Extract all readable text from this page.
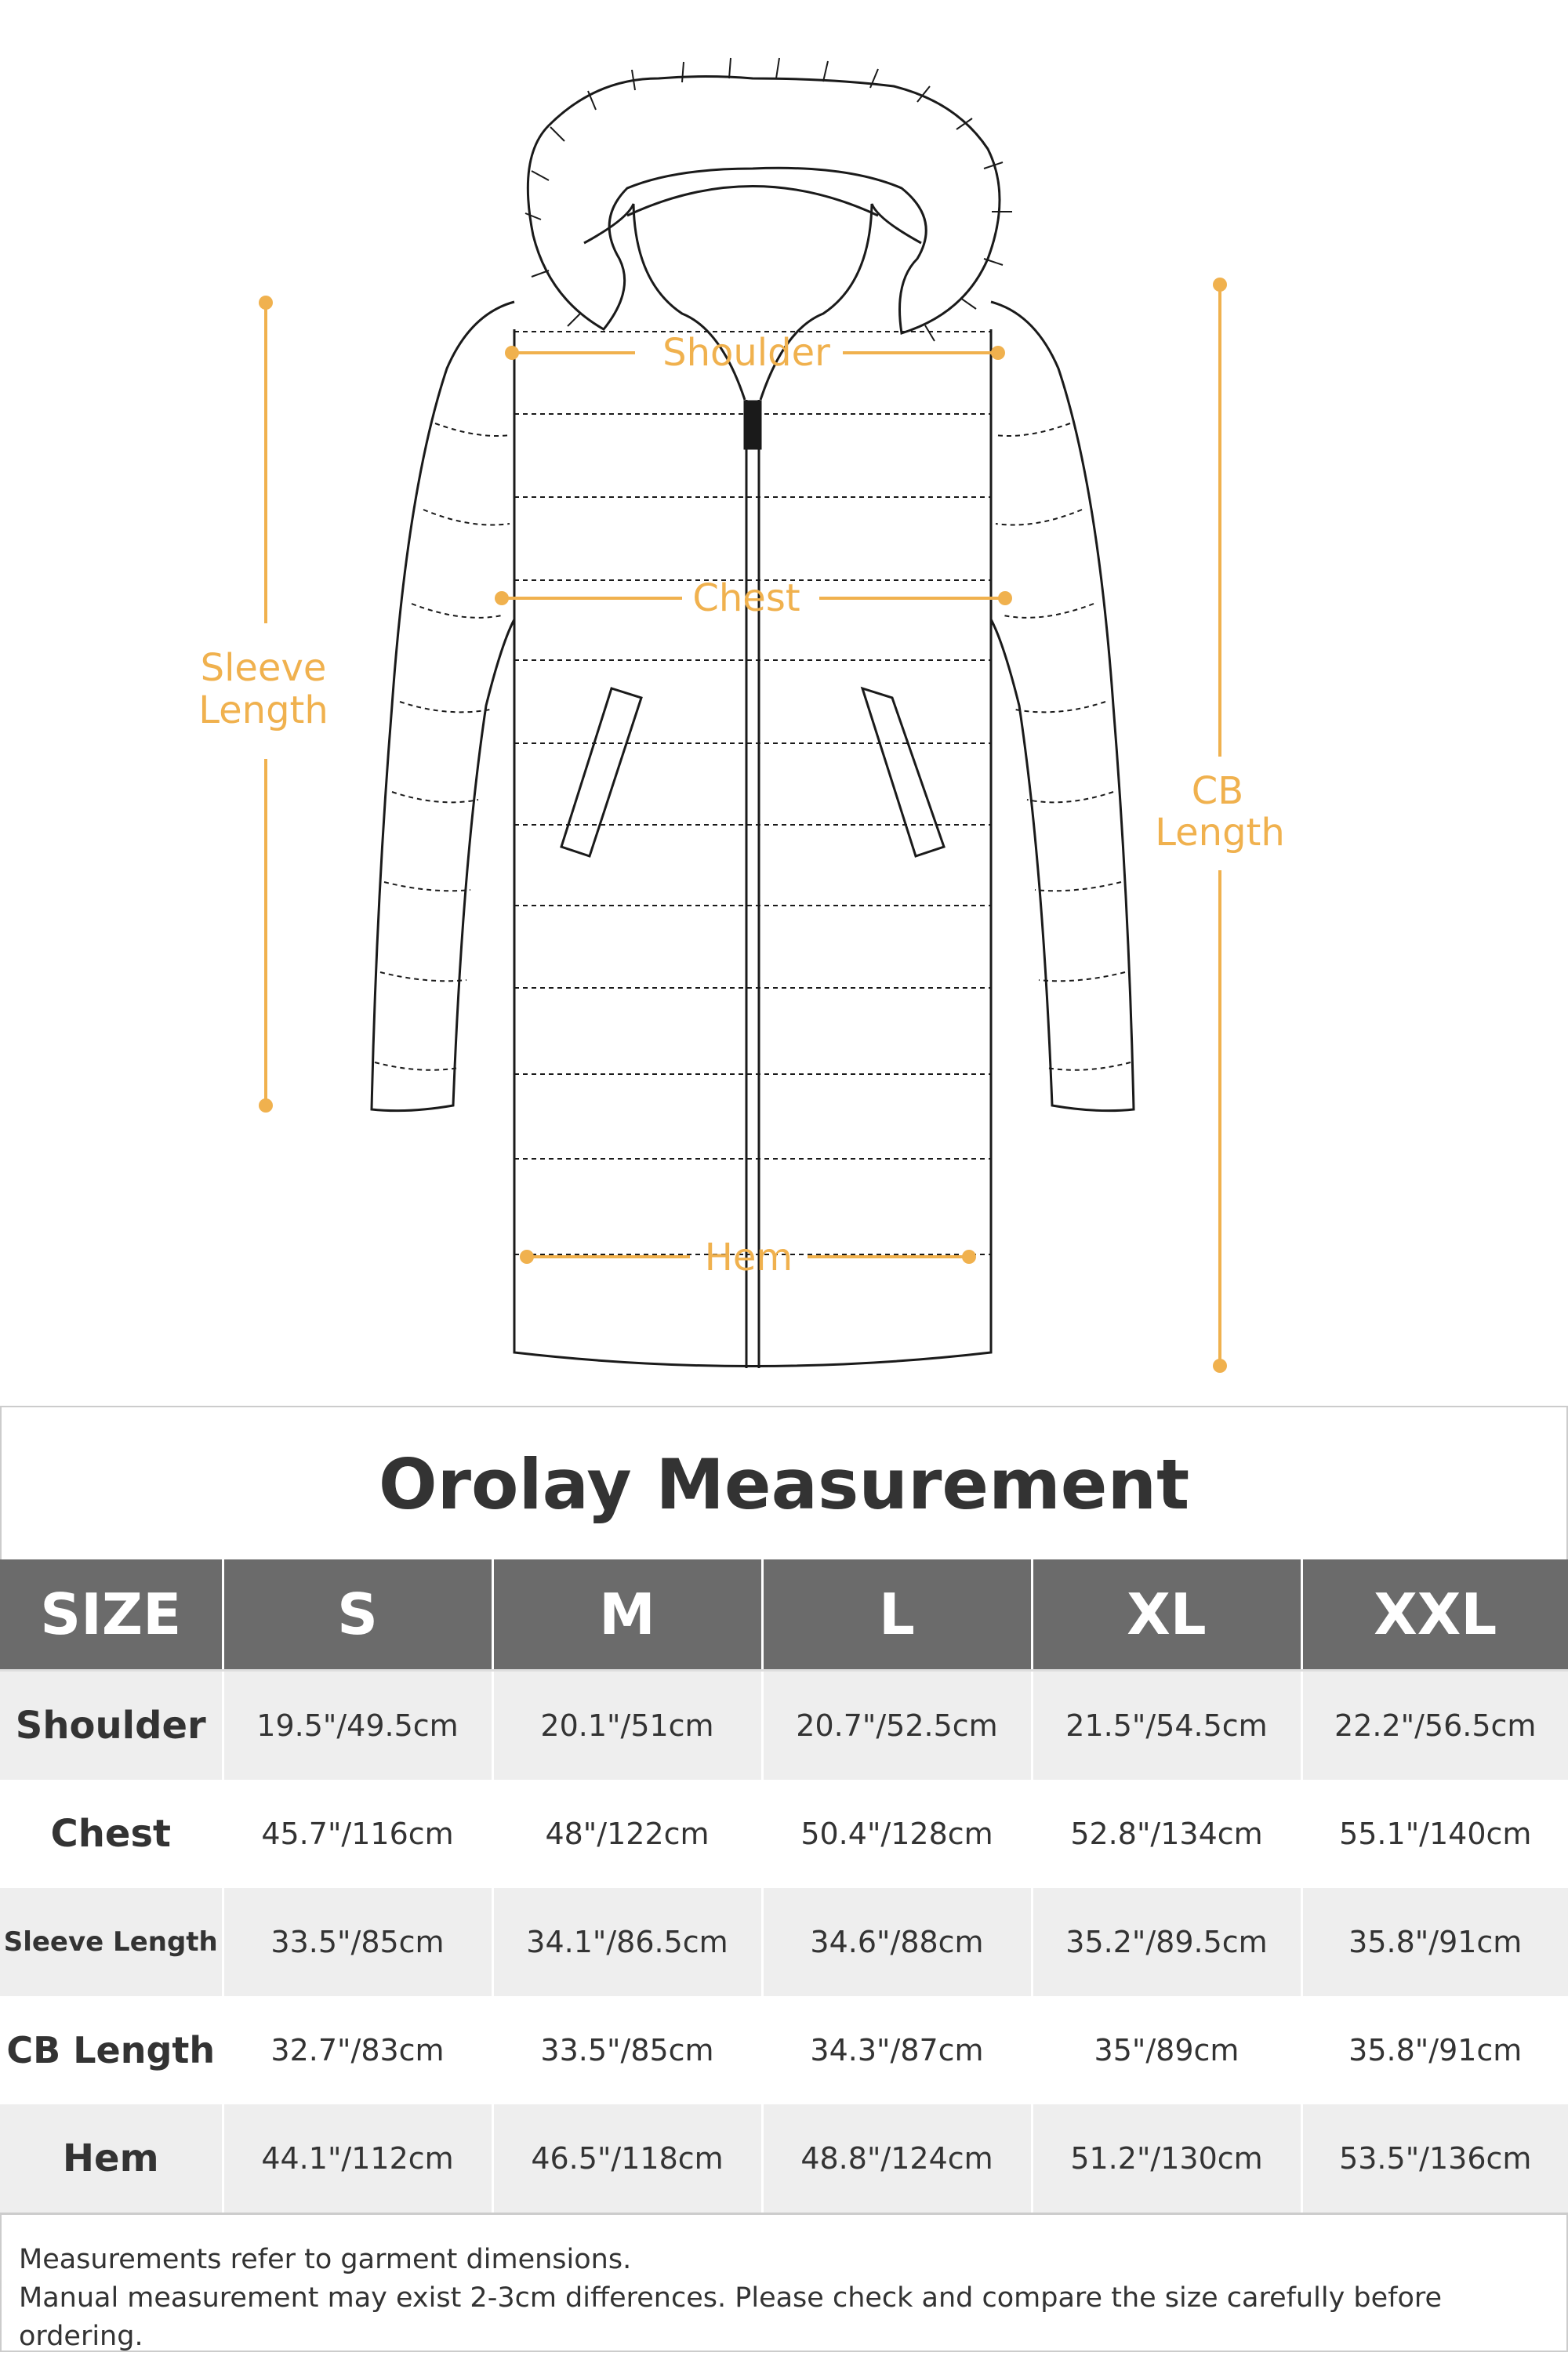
Shoulder
Chest
Hem
Sleeve
Length
CB
Length
Orolay Measurement
SIZE	S	M	L	XL	XXL
Shoulder	19.5"/49.5cm	20.1"/51cm	20.7"/52.5cm	21.5"/54.5cm	22.2"/56.5cm
Chest	45.7"/116cm	48"/122cm	50.4"/128cm	52.8"/134cm	55.1"/140cm
Sleeve Length	33.5"/85cm	34.1"/86.5cm	34.6"/88cm	35.2"/89.5cm	35.8"/91cm
CB Length	32.7"/83cm	33.5"/85cm	34.3"/87cm	35"/89cm	35.8"/91cm
Hem	44.1"/112cm	46.5"/118cm	48.8"/124cm	51.2"/130cm	53.5"/136cm
Measurements refer to garment dimensions.
Manual measurement may exist 2-3cm differences. Please check and compare the size carefully before ordering.
